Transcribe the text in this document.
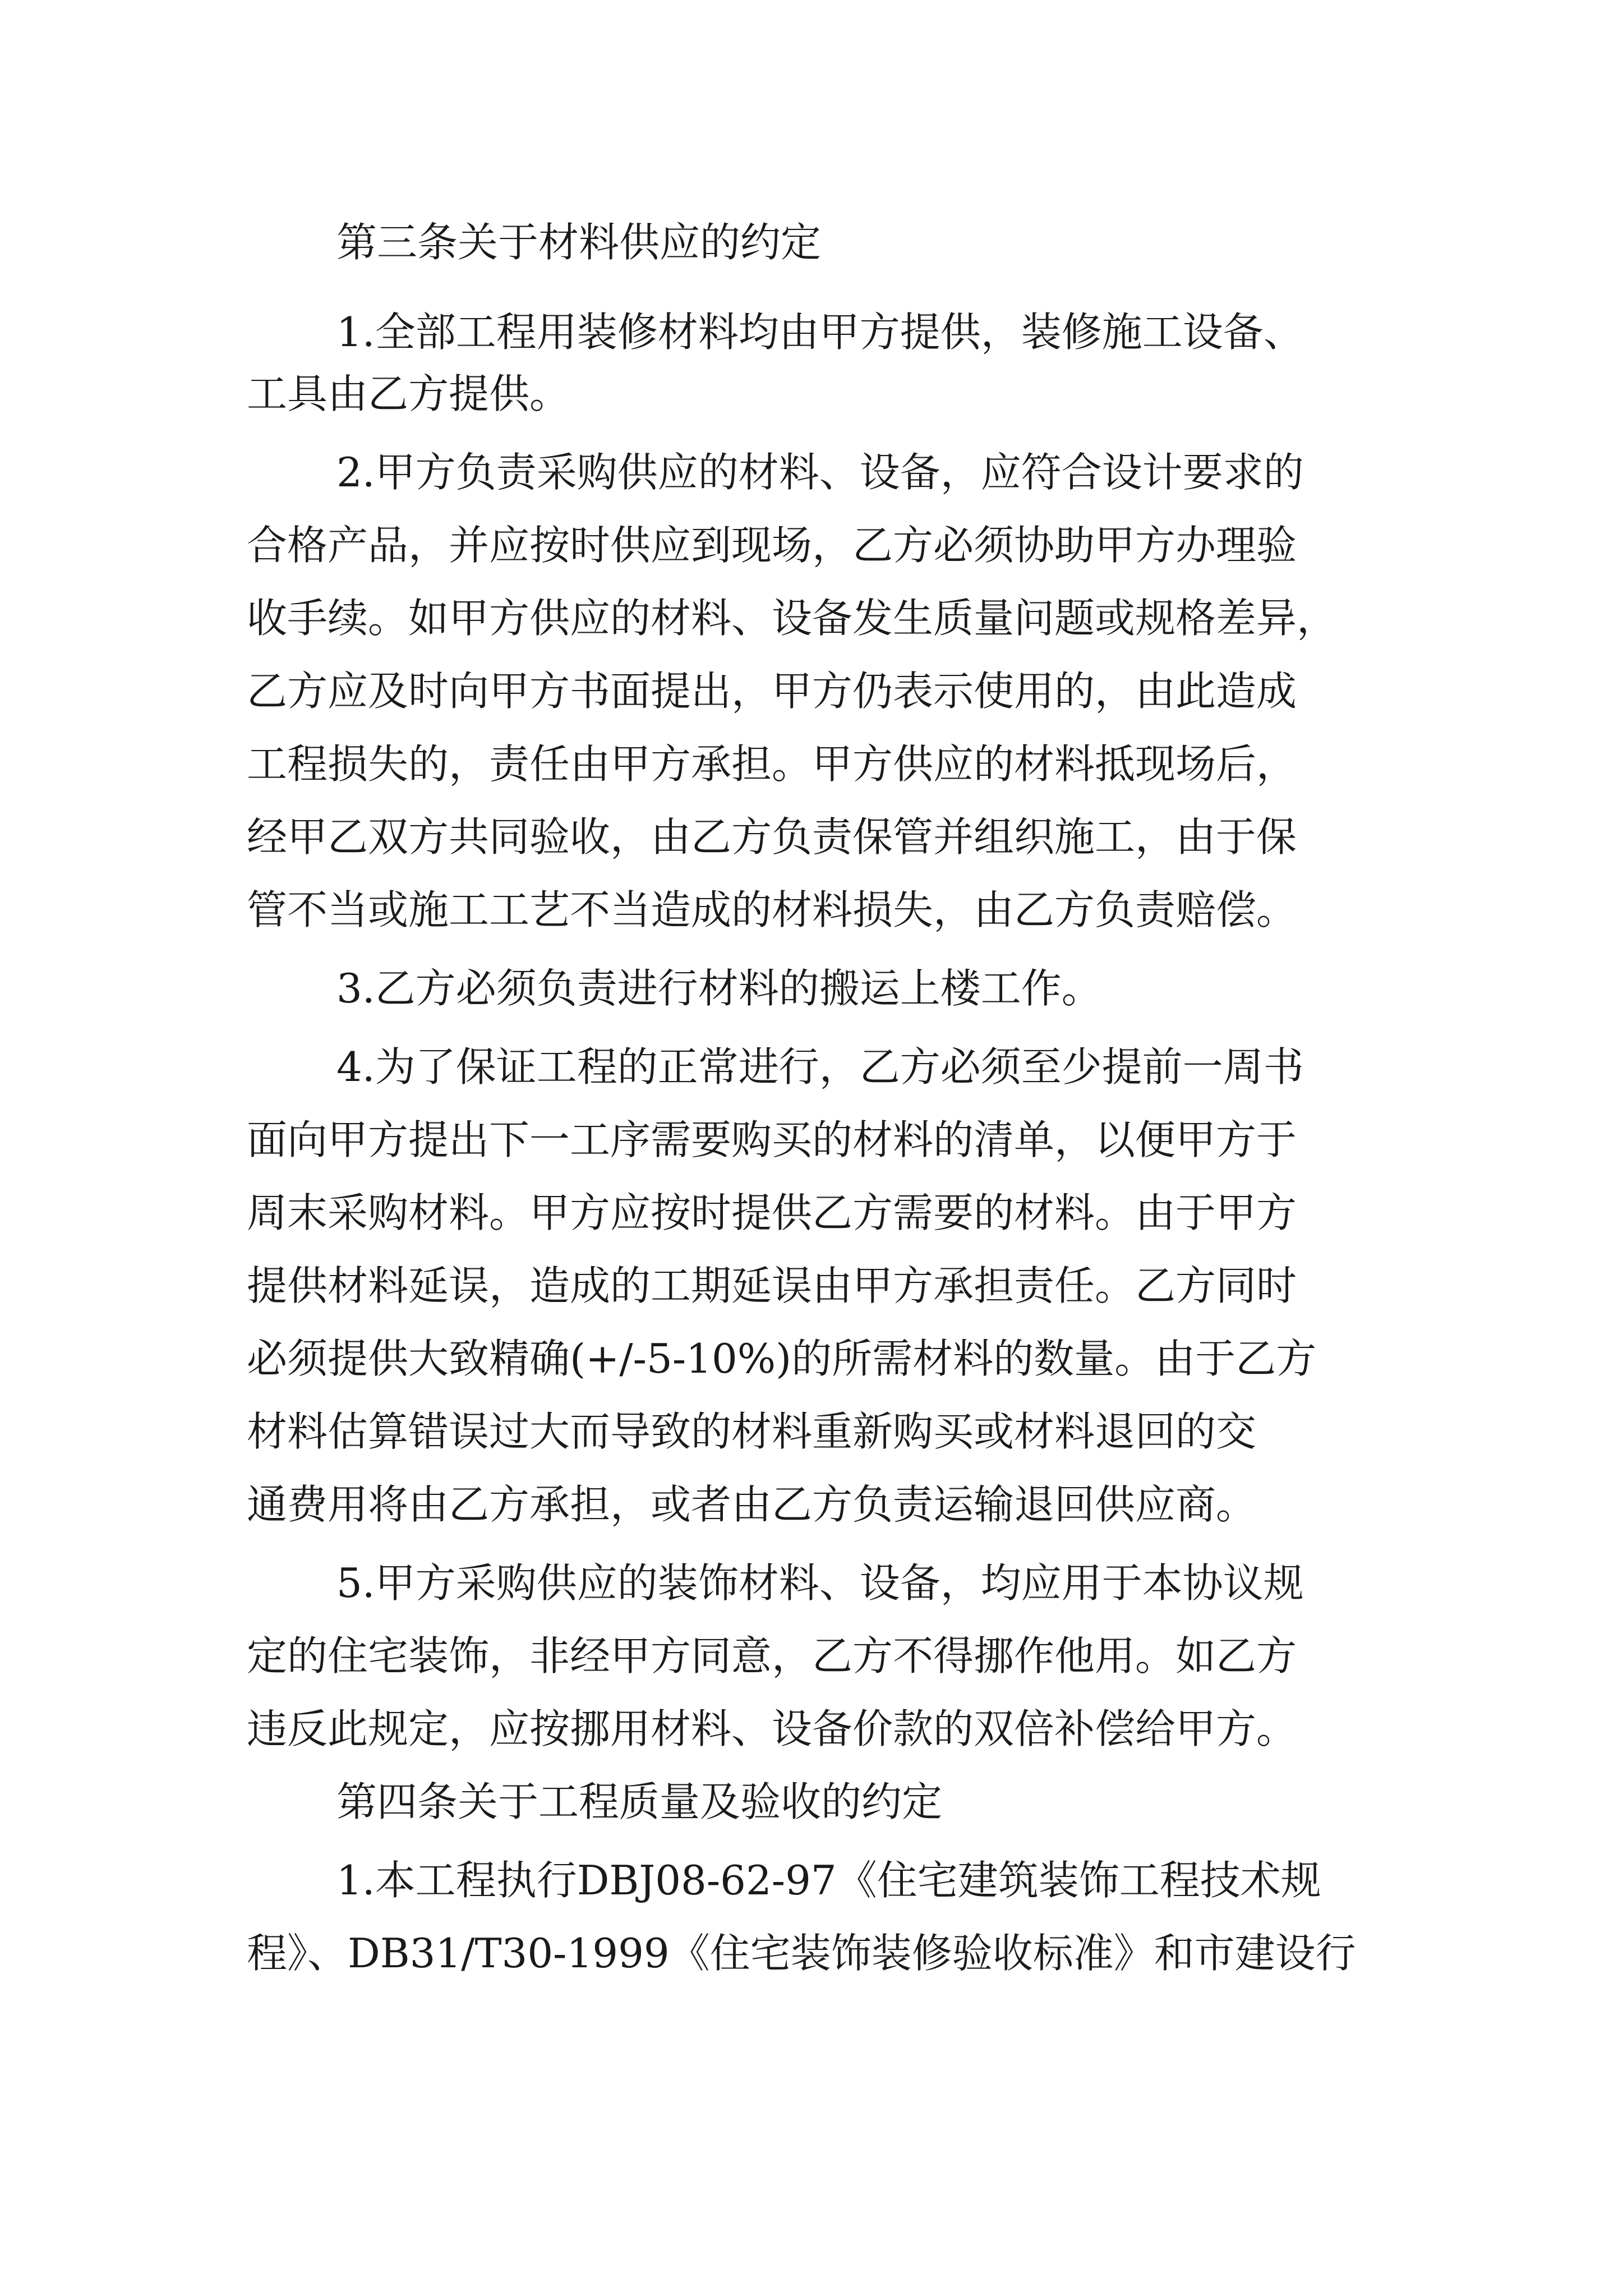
第三条关于材料供应的约定
1.全部工程用装修材料均由甲方提供，装修施工设备、
工具由乙方提供。
2.甲方负责采购供应的材料、设备，应符合设计要求的
合格产品，并应按时供应到现场，乙方必须协助甲方办理验
收手续。如甲方供应的材料、设备发生质量问题或规格差异，
乙方应及时向甲方书面提出，甲方仍表示使用的，由此造成
工程损失的，责任由甲方承担。甲方供应的材料抵现场后，
经甲乙双方共同验收，由乙方负责保管并组织施工，由于保
管不当或施工工艺不当造成的材料损失，由乙方负责赔偿。
3.乙方必须负责进行材料的搬运上楼工作。
4.为了保证工程的正常进行，乙方必须至少提前一周书
面向甲方提出下一工序需要购买的材料的清单，以便甲方于
周末采购材料。甲方应按时提供乙方需要的材料。由于甲方
提供材料延误，造成的工期延误由甲方承担责任。乙方同时
必须提供大致精确(+/-5-10%)的所需材料的数量。由于乙方
材料估算错误过大而导致的材料重新购买或材料退回的交
通费用将由乙方承担，或者由乙方负责运输退回供应商。
5.甲方采购供应的装饰材料、设备，均应用于本协议规
定的住宅装饰，非经甲方同意，乙方不得挪作他用。如乙方
违反此规定，应按挪用材料、设备价款的双倍补偿给甲方。
第四条关于工程质量及验收的约定
1.本工程执行DBJ08-62-97《住宅建筑装饰工程技术规
程》、DB31/T30-1999《住宅装饰装修验收标准》和市建设行
